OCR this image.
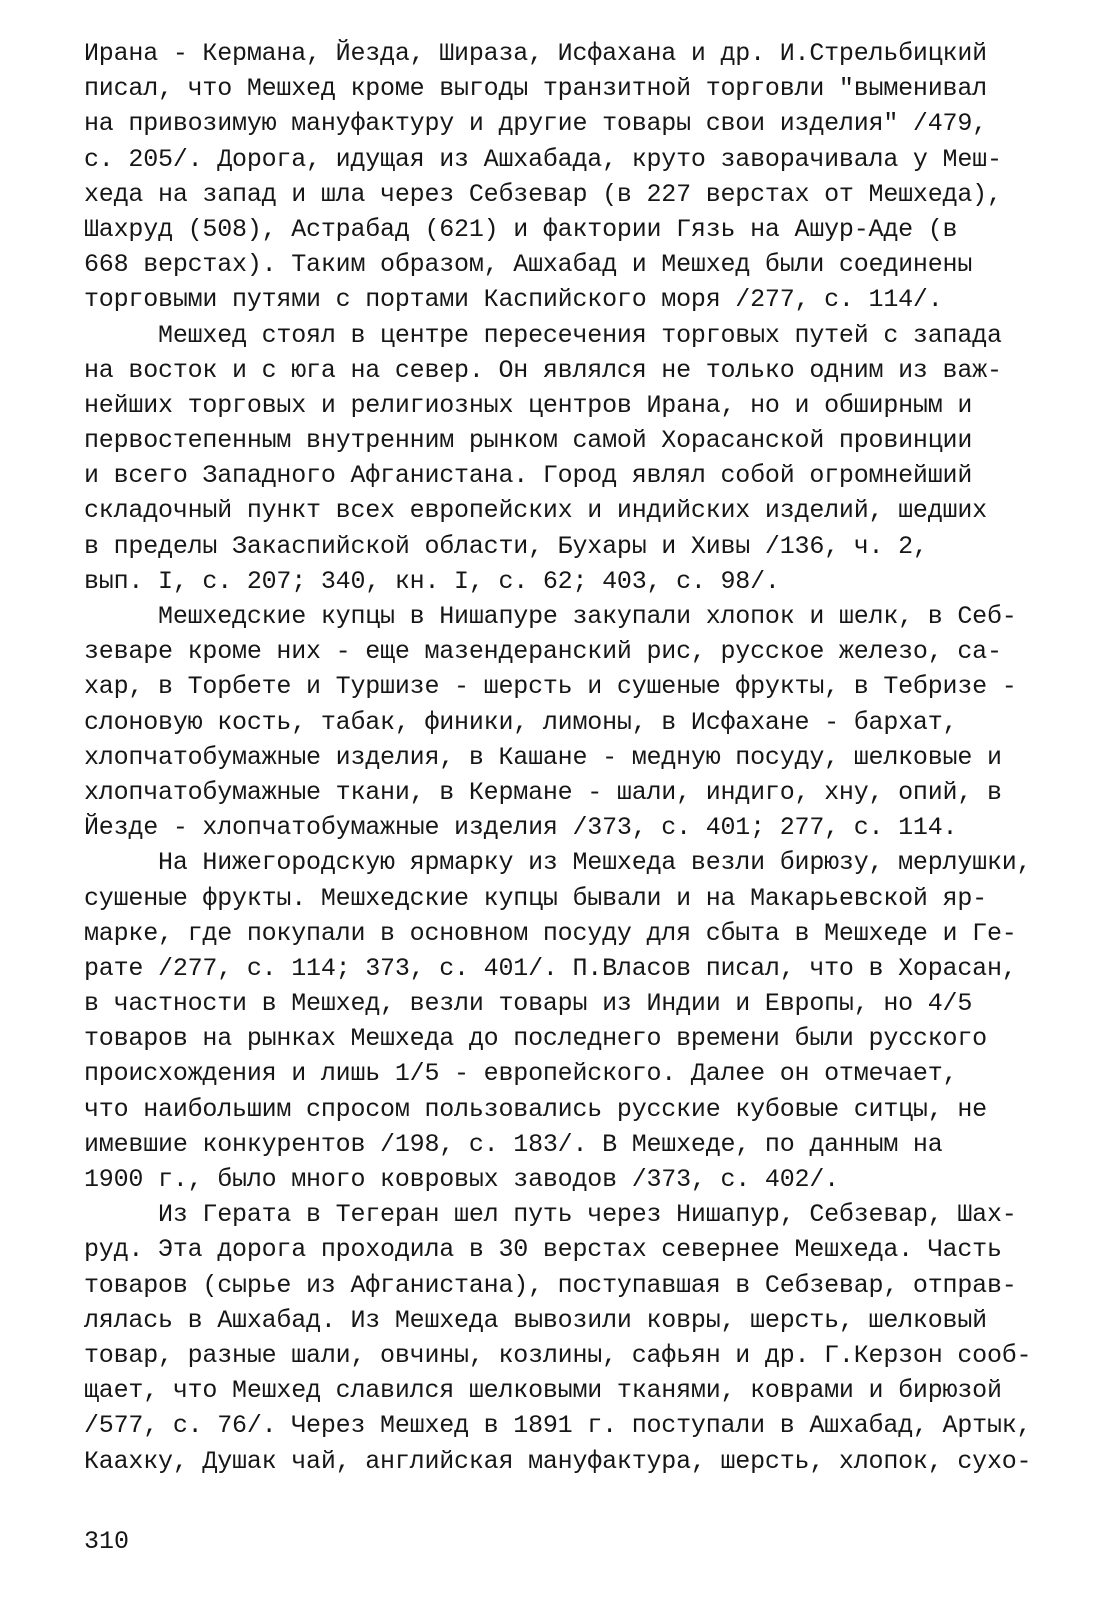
Ирана - Кермана, Йезда, Шираза, Исфахана и др. И.Стрельбицкий
писал, что Мешхед кроме выгоды транзитной торговли "выменивал
на привозимую мануфактуру и другие товары свои изделия" /479,
с. 205/. Дорога, идущая из Ашхабада, круто заворачивала у Меш-
хеда на запад и шла через Себзевар (в 227 верстах от Мешхеда),
Шахруд (508), Астрабад (621) и фактории Гязь на Ашур-Аде (в
668 верстах). Таким образом, Ашхабад и Мешхед были соединены
торговыми путями с портами Каспийского моря /277, с. 114/.
Мешхед стоял в центре пересечения торговых путей с запада
на восток и с юга на север. Он являлся не только одним из важ-
нейших торговых и религиозных центров Ирана, но и обширным и
первостепенным внутренним рынком самой Хорасанской провинции
и всего Западного Афганистана. Город являл собой огромнейший
складочный пункт всех европейских и индийских изделий, шедших
в пределы Закаспийской области, Бухары и Хивы /136, ч. 2,
вып. I, с. 207; 340, кн. I, с. 62; 403, с. 98/.
Мешхедские купцы в Нишапуре закупали хлопок и шелк, в Себ-
зеваре кроме них - еще мазендеранский рис, русское железо, са-
хар, в Торбете и Туршизе - шерсть и сушеные фрукты, в Тебризе -
слоновую кость, табак, финики, лимоны, в Исфахане - бархат,
хлопчатобумажные изделия, в Кашане - медную посуду, шелковые и
хлопчатобумажные ткани, в Кермане - шали, индиго, хну, опий, в
Йезде - хлопчатобумажные изделия /373, с. 401; 277, с. 114.
На Нижегородскую ярмарку из Мешхеда везли бирюзу, мерлушки,
сушеные фрукты. Мешхедские купцы бывали и на Макарьевской яр-
марке, где покупали в основном посуду для сбыта в Мешхеде и Ге-
рате /277, с. 114; 373, с. 401/. П.Власов писал, что в Хорасан,
в частности в Мешхед, везли товары из Индии и Европы, но 4/5
товаров на рынках Мешхеда до последнего времени были русского
происхождения и лишь 1/5 - европейского. Далее он отмечает,
что наибольшим спросом пользовались русские кубовые ситцы, не
имевшие конкурентов /198, с. 183/. В Мешхеде, по данным на
1900 г., было много ковровых заводов /373, с. 402/.
Из Герата в Тегеран шел путь через Нишапур, Себзевар, Шах-
руд. Эта дорога проходила в 30 верстах севернее Мешхеда. Часть
товаров (сырье из Афганистана), поступавшая в Себзевар, отправ-
лялась в Ашхабад. Из Мешхеда вывозили ковры, шерсть, шелковый
товар, разные шали, овчины, козлины, сафьян и др. Г.Керзон сооб-
щает, что Мешхед славился шелковыми тканями, коврами и бирюзой
/577, с. 76/. Через Мешхед в 1891 г. поступали в Ашхабад, Артык,
Каахку, Душак чай, английская мануфактура, шерсть, хлопок, сухо-
310
